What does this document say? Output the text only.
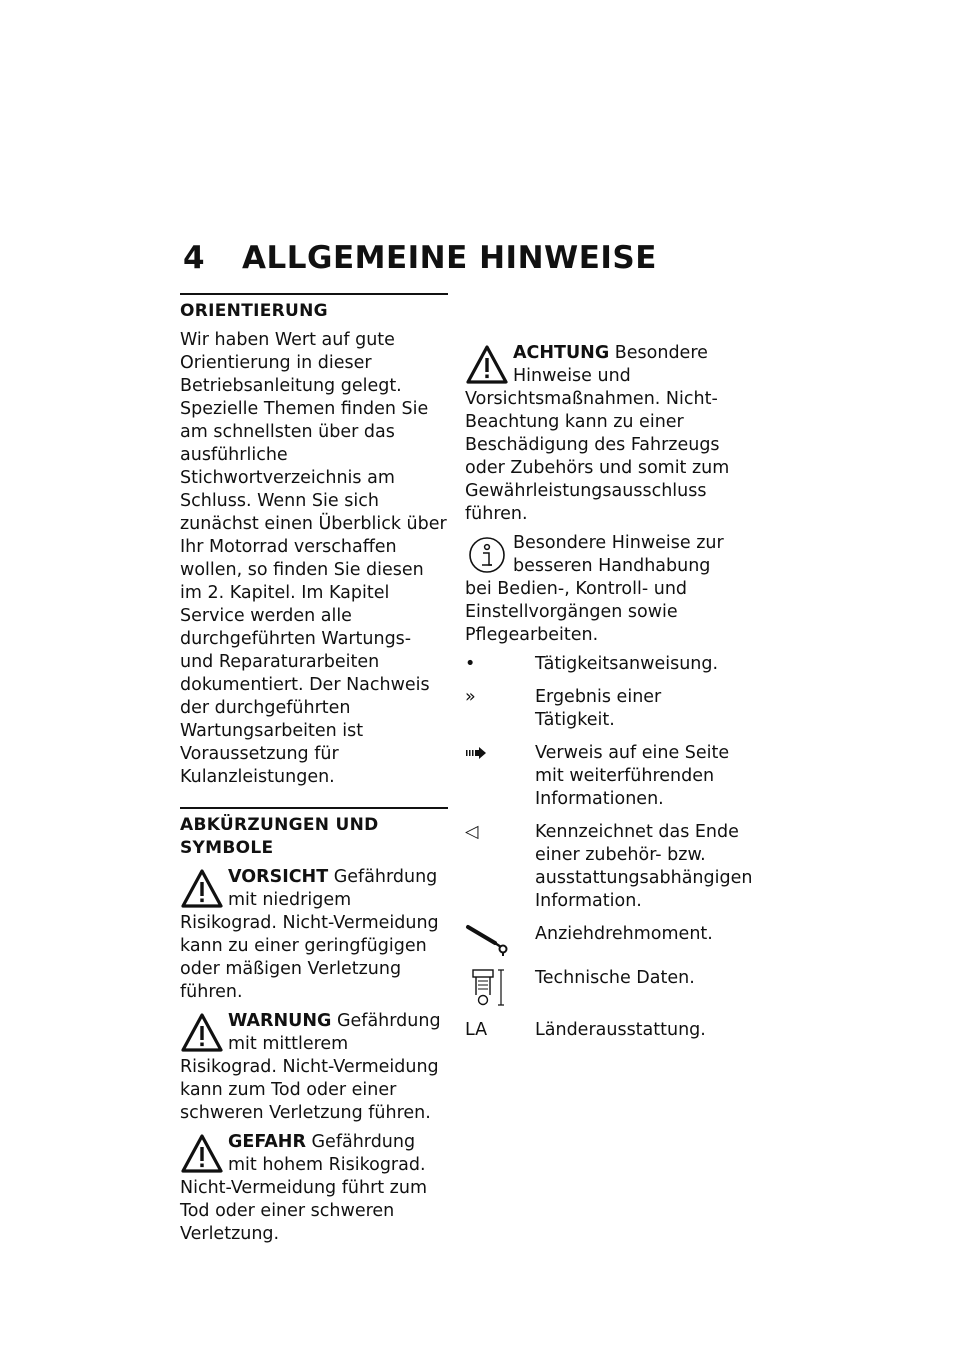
4 ALLGEMEINE HINWEISE
ORIENTIERUNG

Wir haben Wert auf gute Orientierung in dieser Betriebsanleitung gelegt. Spezielle Themen finden Sie am schnellsten über das ausführliche Stichwortverzeichnis am Schluss. Wenn Sie sich zunächst einen Überblick über Ihr Motorrad verschaffen wollen, so finden Sie diesen im 2. Kapitel. Im Kapitel Service werden alle durchgeführten Wartungs- und Reparaturarbeiten dokumentiert. Der Nachweis der durchgeführten Wartungsarbeiten ist Voraussetzung für Kulanzleistungen.

ABKÜRZUNGEN UND SYMBOLE
VORSICHT Gefährdung mit niedrigem Risikograd. Nicht-Vermeidung kann zu einer geringfügigen oder mäßigen Verletzung führen.
WARNUNG Gefährdung mit mittlerem Risikograd. Nicht-Vermeidung kann zum Tod oder einer schweren Verletzung führen.
GEFAHR Gefährdung mit hohem Risikograd. Nicht-Vermeidung führt zum Tod oder einer schweren Verletzung.
ACHTUNG Besondere Hinweise und Vorsichtsmaßnahmen. Nicht-Beachtung kann zu einer Beschädigung des Fahrzeugs oder Zubehörs und somit zum Gewährleistungsausschluss führen.
Besondere Hinweise zur besseren Handhabung bei Bedien-, Kontroll- und Einstellvorgängen sowie Pflegearbeiten.
•	Tätigkeitsanweisung.
»	Ergebnis einer Tätigkeit.
Verweis auf eine Seite mit weiterführenden Informationen.
◁	Kennzeichnet das Ende einer zubehör- bzw. ausstattungsabhängigen Information.
Anziehdrehmoment.
Technische Daten.
LA	Länderausstattung.
